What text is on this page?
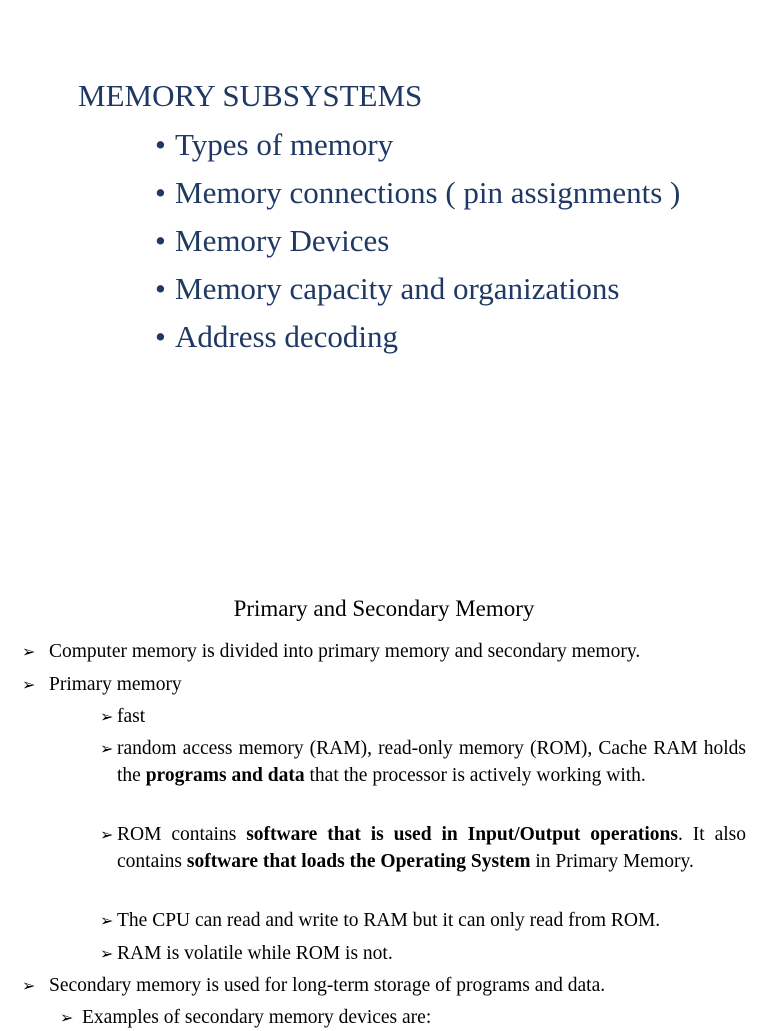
MEMORY SUBSYSTEMS
• Types of memory
• Memory connections ( pin assignments )
• Memory Devices
• Memory capacity and organizations
• Address decoding
Primary and Secondary Memory
➢ Computer memory is divided into primary memory and secondary memory.
➢ Primary memory
➢ fast
➢ random access memory (RAM), read-only memory (ROM), Cache RAM holds the programs and data that the processor is actively working with.
➢ ROM contains software that is used in Input/Output operations. It also contains software that loads the Operating System in Primary Memory.
➢ The CPU can read and write to RAM but it can only read from ROM.
➢ RAM is volatile while ROM is not.
➢ Secondary memory is used for long-term storage of programs and data.
➢ Examples of secondary memory devices are:
